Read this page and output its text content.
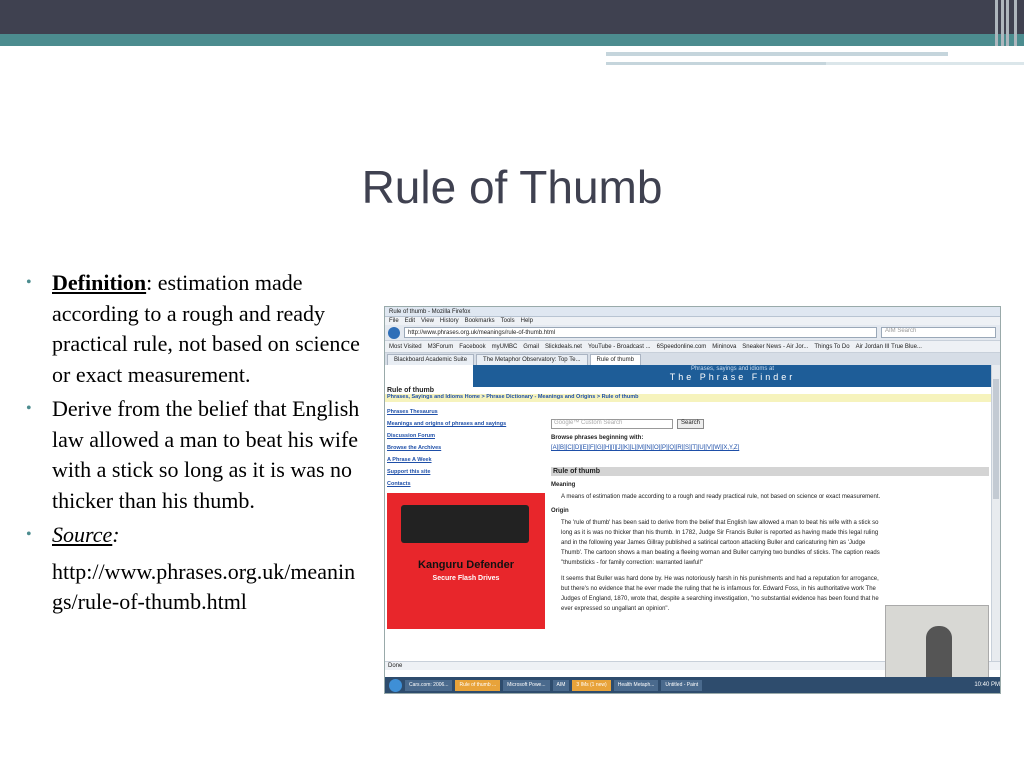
Rule of Thumb
• Definition: estimation made according to a rough and ready practical rule, not based on science or exact measurement.
• Derive from the belief that English law allowed a man to beat his wife with a stick so long as it is was no thicker than his thumb.
• Source:
http://www.phrases.org.uk/meanings/rule-of-thumb.html
Rule of thumb - Mozilla Firefox
File Edit View History Bookmarks Tools Help
http://www.phrases.org.uk/meanings/rule-of-thumb.html	AIM Search
Most Visited M3Forum Facebook myUMBC Gmail Slickdeals.net YouTube - Broadcast ... 6Speedonline.com Mininova Sneaker News - Air Jor... Things To Do Air Jordan III True Blue...
Blackboard Academic Suite	The Metaphor Observatory: Top Te...	Rule of thumb
Phrases, sayings and idioms at
The Phrase Finder
Rule of thumb
Phrases, Sayings and Idioms Home > Phrase Dictionary - Meanings and Origins > Rule of thumb
Phrases Thesaurus
Meanings and origins of phrases and sayings
Discussion Forum
Browse the Archives
A Phrase A Week
Support this site
Contacts
Kanguru Defender
Secure Flash Drives
Google™ Custom Search	Search
Browse phrases beginning with:
[A][B][C][D][E][F][G][H][I][J][K][L][M][N][O][P][Q][R][S][T][U][V][W][X,Y,Z]
Rule of thumb
Meaning
A means of estimation made according to a rough and ready practical rule, not based on science or exact measurement.
Origin
The 'rule of thumb' has been said to derive from the belief that English law allowed a man to beat his wife with a stick so long as it is was no thicker than his thumb. In 1782, Judge Sir Francis Buller is reported as having made this legal ruling and in the following year James Gillray published a satirical cartoon attacking Buller and caricaturing him as 'Judge Thumb'. The cartoon shows a man beating a fleeing woman and Buller carrying two bundles of sticks. The caption reads "thumbsticks - for family correction: warranted lawful!"
It seems that Buller was hard done by. He was notoriously harsh in his punishments and had a reputation for arrogance, but there's no evidence that he ever made the ruling that he is infamous for. Edward Foss, in his authoritative work The Judges of England, 1870, wrote that, despite a searching investigation, "no substantial evidence has been found that he ever expressed so ungallant an opinion".
Done
Cars.com: 2006...	Rule of thumb ...	Microsoft Powe...	AIM	3 IMs (1 new)	Health Metaph...	Untitled - Paint	10:40 PM
